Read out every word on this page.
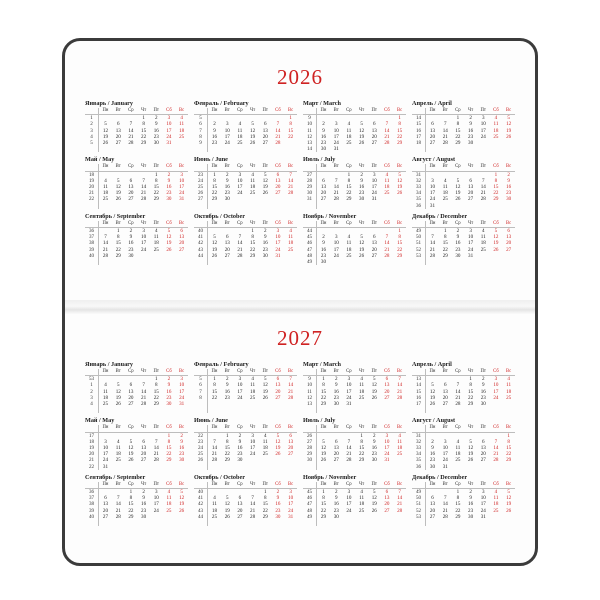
2026
Январь / January
	Пн	Вт	Ср	Чт	Пт	Сб	Вс
1				1	2	3	4
2	5	6	7	8	9	10	11
3	12	13	14	15	16	17	18
4	19	20	21	22	23	24	25
5	26	27	28	29	30	31	

Февраль / February
	Пн	Вт	Ср	Чт	Пт	Сб	Вс
5							1
6	2	3	4	5	6	7	8
7	9	10	11	12	13	14	15
8	16	17	18	19	20	21	22
9	23	24	25	26	27	28	

Март / March
	Пн	Вт	Ср	Чт	Пт	Сб	Вс
9							1
10	2	3	4	5	6	7	8
11	9	10	11	12	13	14	15
12	16	17	18	19	20	21	22
13	23	24	25	26	27	28	29
14	30	31					
Апрель / April
	Пн	Вт	Ср	Чт	Пт	Сб	Вс
14			1	2	3	4	5
15	6	7	8	9	10	11	12
16	13	14	15	16	17	18	19
17	20	21	22	23	24	25	26
18	27	28	29	30			

Май / May
	Пн	Вт	Ср	Чт	Пт	Сб	Вс
18					1	2	3
19	4	5	6	7	8	9	10
20	11	12	13	14	15	16	17
21	18	19	20	21	22	23	24
22	25	26	27	28	29	30	31

Июнь / June
	Пн	Вт	Ср	Чт	Пт	Сб	Вс
23	1	2	3	4	5	6	7
24	8	9	10	11	12	13	14
25	15	16	17	18	19	20	21
26	22	23	24	25	26	27	28
27	29	30					

Июль / July
	Пн	Вт	Ср	Чт	Пт	Сб	Вс
27			1	2	3	4	5
28	6	7	8	9	10	11	12
29	13	14	15	16	17	18	19
30	20	21	22	23	24	25	26
31	27	28	29	30	31		

Август / August
	Пн	Вт	Ср	Чт	Пт	Сб	Вс
31						1	2
32	3	4	5	6	7	8	9
33	10	11	12	13	14	15	16
34	17	18	19	20	21	22	23
35	24	25	26	27	28	29	30
36	31						
Сентябрь / September
	Пн	Вт	Ср	Чт	Пт	Сб	Вс
36		1	2	3	4	5	6
37	7	8	9	10	11	12	13
38	14	15	16	17	18	19	20
39	21	22	23	24	25	26	27
40	28	29	30				

Октябрь / October
	Пн	Вт	Ср	Чт	Пт	Сб	Вс
40				1	2	3	4
41	5	6	7	8	9	10	11
42	12	13	14	15	16	17	18
43	19	20	21	22	23	24	25
44	26	27	28	29	30	31	

Ноябрь / November
	Пн	Вт	Ср	Чт	Пт	Сб	Вс
44							1
45	2	3	4	5	6	7	8
46	9	10	11	12	13	14	15
47	16	17	18	19	20	21	22
48	23	24	25	26	27	28	29
49	30						
Декабрь / December
	Пн	Вт	Ср	Чт	Пт	Сб	Вс
49		1	2	3	4	5	6
50	7	8	9	10	11	12	13
51	14	15	16	17	18	19	20
52	21	22	23	24	25	26	27
53	28	29	30	31			

2027
Январь / January
	Пн	Вт	Ср	Чт	Пт	Сб	Вс
53					1	2	3
1	4	5	6	7	8	9	10
2	11	12	13	14	15	16	17
3	18	19	20	21	22	23	24
4	25	26	27	28	29	30	31

Февраль / February
	Пн	Вт	Ср	Чт	Пт	Сб	Вс
5	1	2	3	4	5	6	7
6	8	9	10	11	12	13	14
7	15	16	17	18	19	20	21
8	22	23	24	25	26	27	28

Март / March
	Пн	Вт	Ср	Чт	Пт	Сб	Вс
9	1	2	3	4	5	6	7
10	8	9	10	11	12	13	14
11	15	16	17	18	19	20	21
12	22	23	24	25	26	27	28
13	29	30	31				

Апрель / April
	Пн	Вт	Ср	Чт	Пт	Сб	Вс
13				1	2	3	4
14	5	6	7	8	9	10	11
15	12	13	14	15	16	17	18
16	19	20	21	22	23	24	25
17	26	27	28	29	30		

Май / May
	Пн	Вт	Ср	Чт	Пт	Сб	Вс
17						1	2
18	3	4	5	6	7	8	9
19	10	11	12	13	14	15	16
20	17	18	19	20	21	22	23
21	24	25	26	27	28	29	30
22	31						
Июнь / June
	Пн	Вт	Ср	Чт	Пт	Сб	Вс
22		1	2	3	4	5	6
23	7	8	9	10	11	12	13
24	14	15	16	17	18	19	20
25	21	22	23	24	25	26	27
26	28	29	30				

Июль / July
	Пн	Вт	Ср	Чт	Пт	Сб	Вс
26				1	2	3	4
27	5	6	7	8	9	10	11
28	12	13	14	15	16	17	18
29	19	20	21	22	23	24	25
30	26	27	28	29	30	31	

Август / August
	Пн	Вт	Ср	Чт	Пт	Сб	Вс
31							1
32	2	3	4	5	6	7	8
33	9	10	11	12	13	14	15
34	16	17	18	19	20	21	22
35	23	24	25	26	27	28	29
36	30	31					
Сентябрь / September
	Пн	Вт	Ср	Чт	Пт	Сб	Вс
36			1	2	3	4	5
37	6	7	8	9	10	11	12
38	13	14	15	16	17	18	19
39	20	21	22	23	24	25	26
40	27	28	29	30			

Октябрь / October
	Пн	Вт	Ср	Чт	Пт	Сб	Вс
40					1	2	3
41	4	5	6	7	8	9	10
42	11	12	13	14	15	16	17
43	18	19	20	21	22	23	24
44	25	26	27	28	29	30	31

Ноябрь / November
	Пн	Вт	Ср	Чт	Пт	Сб	Вс
45	1	2	3	4	5	6	7
46	8	9	10	11	12	13	14
47	15	16	17	18	19	20	21
48	22	23	24	25	26	27	28
49	29	30					

Декабрь / December
	Пн	Вт	Ср	Чт	Пт	Сб	Вс
49			1	2	3	4	5
50	6	7	8	9	10	11	12
51	13	14	15	16	17	18	19
52	20	21	22	23	24	25	26
53	27	28	29	30	31		
